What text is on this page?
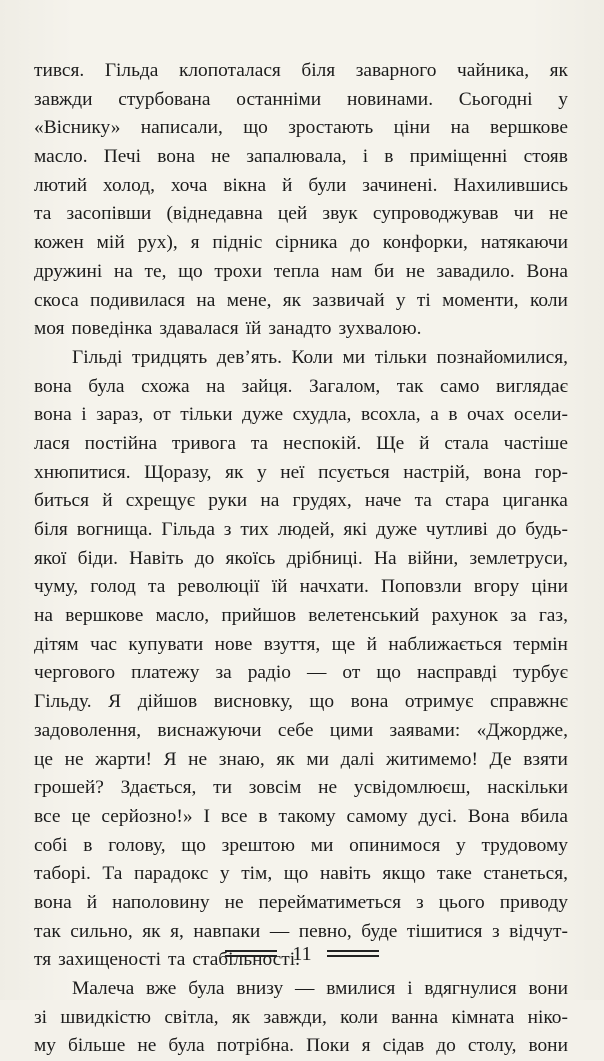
тився. Гільда клопоталася біля заварного чайника, як
завжди стурбована останніми новинами. Сьогодні у
«Віснику» написали, що зростають ціни на вершкове
масло. Печі вона не запалювала, і в приміщенні стояв
лютий холод, хоча вікна й були зачинені. Нахилившись
та засопівши (віднедавна цей звук супроводжував чи не
кожен мій рух), я підніс сірника до конфорки, натякаючи
дружині на те, що трохи тепла нам би не завадило. Вона
скоса подивилася на мене, як зазвичай у ті моменти, коли
моя поведінка здавалася їй занадто зухвалою.
Гільді тридцять дев’ять. Коли ми тільки познайомилися,
вона була схожа на зайця. Загалом, так само виглядає
вона і зараз, от тільки дуже схудла, всохла, а в очах осели-
лася постійна тривога та неспокій. Ще й стала частіше
хнюпитися. Щоразу, як у неї псується настрій, вона гор-
биться й схрещує руки на грудях, наче та стара циганка
біля вогнища. Гільда з тих людей, які дуже чутливі до будь-
якої біди. Навіть до якоїсь дрібниці. На війни, землетруси,
чуму, голод та революції їй начхати. Поповзли вгору ціни
на вершкове масло, прийшов велетенський рахунок за газ,
дітям час купувати нове взуття, ще й наближається термін
чергового платежу за радіо — от що насправді турбує
Гільду. Я дійшов висновку, що вона отримує справжнє
задоволення, виснажуючи себе цими заявами: «Джордже,
це не жарти! Я не знаю, як ми далі житимемо! Де взяти
грошей? Здається, ти зовсім не усвідомлюєш, наскільки
все це серйозно!» І все в такому самому дусі. Вона вбила
собі в голову, що зрештою ми опинимося у трудовому
таборі. Та парадокс у тім, що навіть якщо таке станеться,
вона й наполовину не перейматиметься з цього приводу
так сильно, як я, навпаки — певно, буде тішитися з відчут-
тя захищеності та стабільності.
Малеча вже була внизу — вмилися і вдягнулися вони
зі швидкістю світла, як завжди, коли ванна кімната ніко-
му більше не була потрібна. Поки я сідав до столу, вони
11
